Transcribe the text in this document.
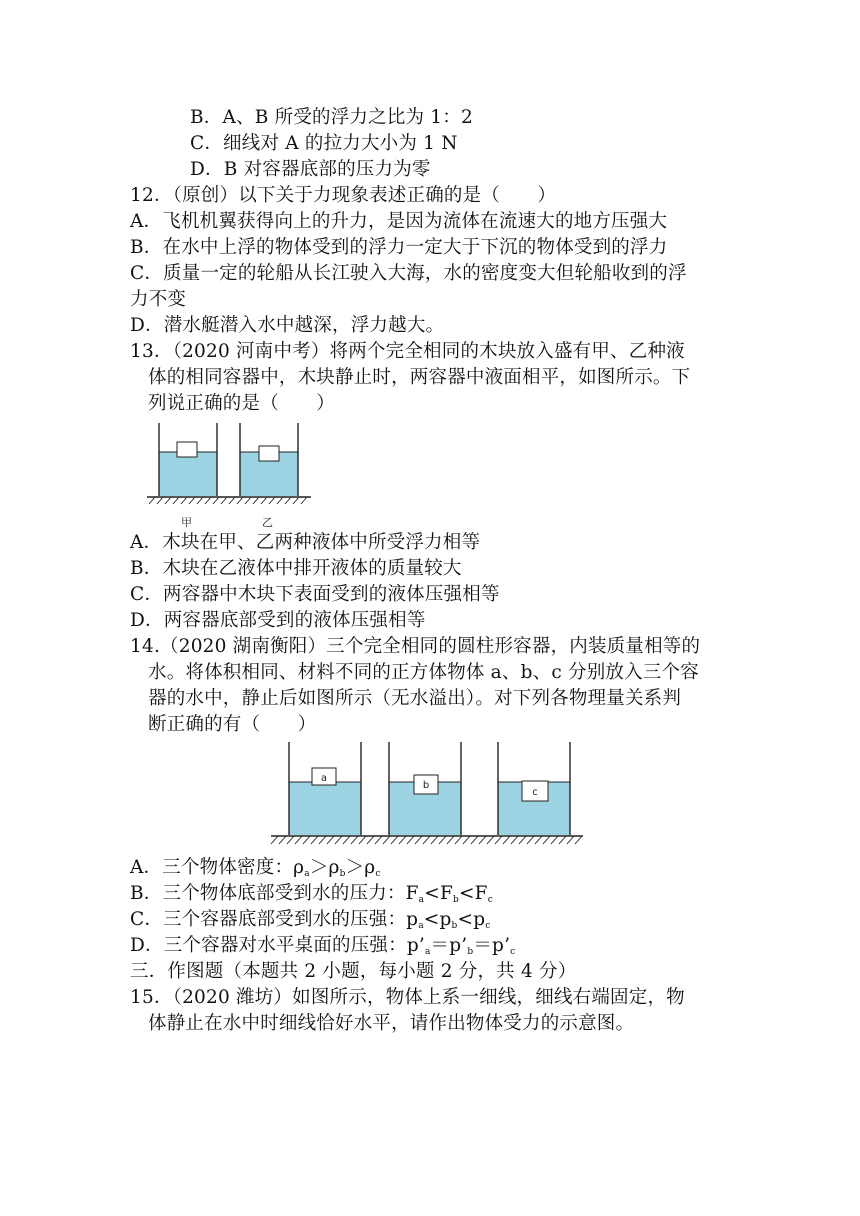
B．A、B 所受的浮力之比为 1：2
C．细线对 A 的拉力大小为 1 N
D．B 对容器底部的压力为零
12．（原创）以下关于力现象表述正确的是（　　）
A．飞机机翼获得向上的升力，是因为流体在流速大的地方压强大
B．在水中上浮的物体受到的浮力一定大于下沉的物体受到的浮力
C．质量一定的轮船从长江驶入大海，水的密度变大但轮船收到的浮
力不变
D．潜水艇潜入水中越深，浮力越大。
13．（2020 河南中考）将两个完全相同的木块放入盛有甲、乙种液
体的相同容器中，木块静止时，两容器中液面相平，如图所示。下
列说正确的是（　　）
甲	乙
A．木块在甲、乙两种液体中所受浮力相等
B．木块在乙液体中排开液体的质量较大
C．两容器中木块下表面受到的液体压强相等
D．两容器底部受到的液体压强相等
14.（2020 湖南衡阳）三个完全相同的圆柱形容器，内装质量相等的
水。将体积相同、材料不同的正方体物体 a、b、c 分别放入三个容
器的水中，静止后如图所示（无水溢出）。对下列各物理量关系判
断正确的有（　　）
a
b
c
A．三个物体密度：$\rho_a>\rho_b>\rho_c$
B．三个物体底部受到水的压力：$F_a<F_b<F_c$
C．三个容器底部受到水的压强：$p_a<p_b<p_c$
D．三个容器对水平桌面的压强：$p’_a=p’_b=p’_c$
三．作图题（本题共 2 小题，每小题 2 分，共 4 分）
15．（2020 潍坊）如图所示，物体上系一细线，细线右端固定，物
体静止在水中时细线恰好水平，请作出物体受力的示意图。
